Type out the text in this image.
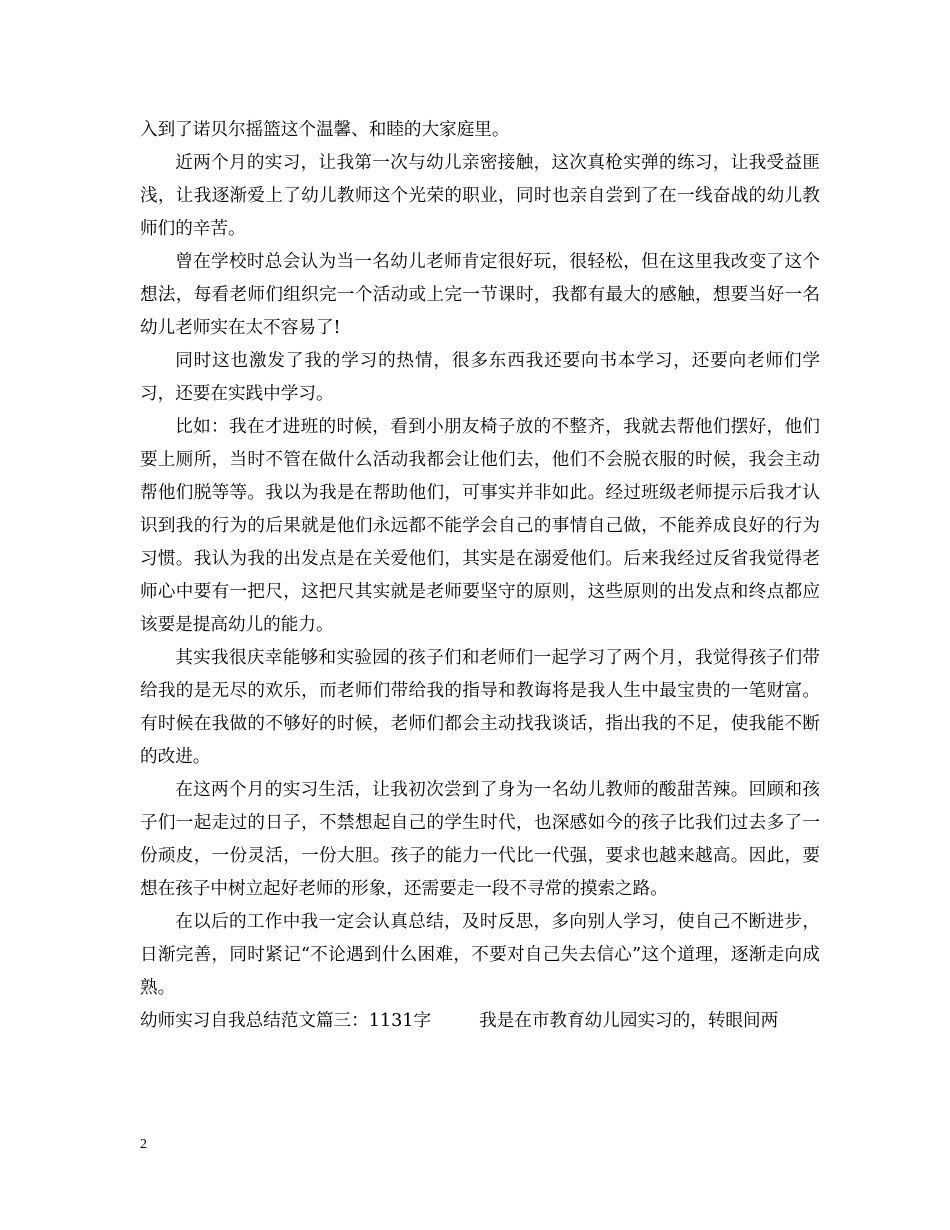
入到了诺贝尔摇篮这个温馨、和睦的大家庭里。

近两个月的实习，让我第一次与幼儿亲密接触，这次真枪实弹的练习，让我受益匪浅，让我逐渐爱上了幼儿教师这个光荣的职业，同时也亲自尝到了在一线奋战的幼儿教师们的辛苦。

曾在学校时总会认为当一名幼儿老师肯定很好玩，很轻松，但在这里我改变了这个想法，每看老师们组织完一个活动或上完一节课时，我都有最大的感触，想要当好一名幼儿老师实在太不容易了!

同时这也激发了我的学习的热情，很多东西我还要向书本学习，还要向老师们学习，还要在实践中学习。

比如：我在才进班的时候，看到小朋友椅子放的不整齐，我就去帮他们摆好，他们要上厕所，当时不管在做什么活动我都会让他们去，他们不会脱衣服的时候，我会主动帮他们脱等等。我以为我是在帮助他们，可事实并非如此。经过班级老师提示后我才认识到我的行为的后果就是他们永远都不能学会自己的事情自己做，不能养成良好的行为习惯。我认为我的出发点是在关爱他们，其实是在溺爱他们。后来我经过反省我觉得老师心中要有一把尺，这把尺其实就是老师要坚守的原则，这些原则的出发点和终点都应该要是提高幼儿的能力。

其实我很庆幸能够和实验园的孩子们和老师们一起学习了两个月，我觉得孩子们带给我的是无尽的欢乐，而老师们带给我的指导和教诲将是我人生中最宝贵的一笔财富。有时候在我做的不够好的时候，老师们都会主动找我谈话，指出我的不足，使我能不断的改进。

在这两个月的实习生活，让我初次尝到了身为一名幼儿教师的酸甜苦辣。回顾和孩子们一起走过的日子，不禁想起自己的学生时代，也深感如今的孩子比我们过去多了一份顽皮，一份灵活，一份大胆。孩子的能力一代比一代强，要求也越来越高。因此，要想在孩子中树立起好老师的形象，还需要走一段不寻常的摸索之路。

在以后的工作中我一定会认真总结，及时反思，多向别人学习，使自己不断进步，日渐完善，同时紧记“不论遇到什么困难，不要对自己失去信心”这个道理，逐渐走向成熟。

幼师实习自我总结范文篇三：1131字	我是在市教育幼儿园实习的，转眼间两

2
